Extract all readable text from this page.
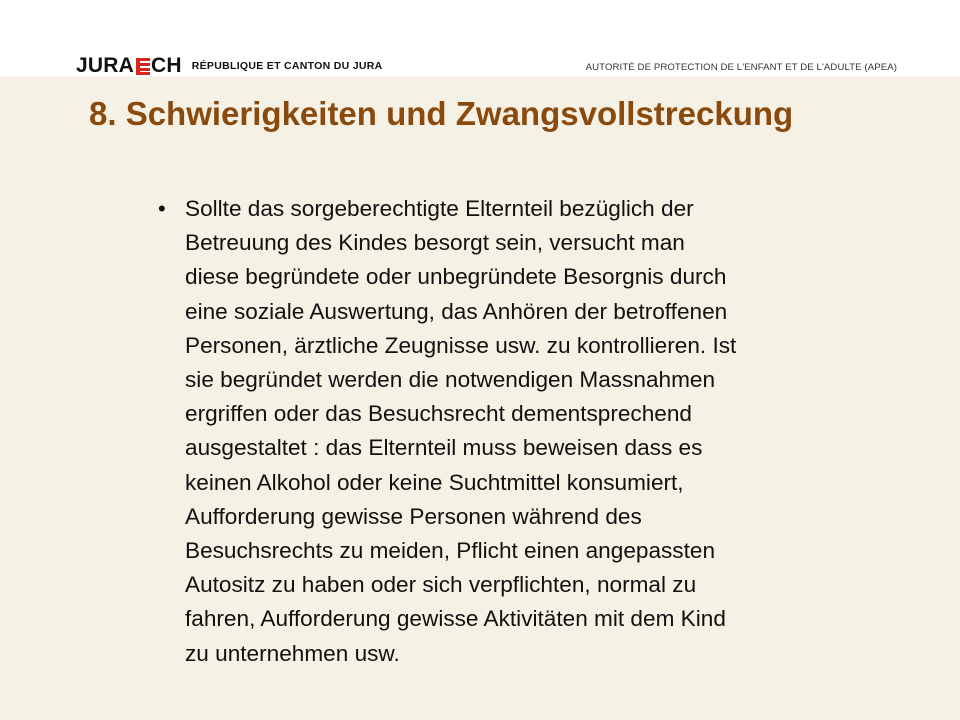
JURA CH RÉPUBLIQUE ET CANTON DU JURA	AUTORITÉ DE PROTECTION DE L'ENFANT ET DE L'ADULTE (APEA)
8. Schwierigkeiten und Zwangsvollstreckung
• Sollte das sorgeberechtigte Elternteil bezüglich der
Betreuung des Kindes besorgt sein, versucht man
diese begründete oder unbegründete Besorgnis durch
eine soziale Auswertung, das Anhören der betroffenen
Personen, ärztliche Zeugnisse usw. zu kontrollieren. Ist
sie begründet werden die notwendigen Massnahmen
ergriffen oder das Besuchsrecht dementsprechend
ausgestaltet : das Elternteil muss beweisen dass es
keinen Alkohol oder keine Suchtmittel konsumiert,
Aufforderung gewisse Personen während des
Besuchsrechts zu meiden, Pflicht einen angepassten
Autositz zu haben oder sich verpflichten, normal zu
fahren, Aufforderung gewisse Aktivitäten mit dem Kind
zu unternehmen usw.
